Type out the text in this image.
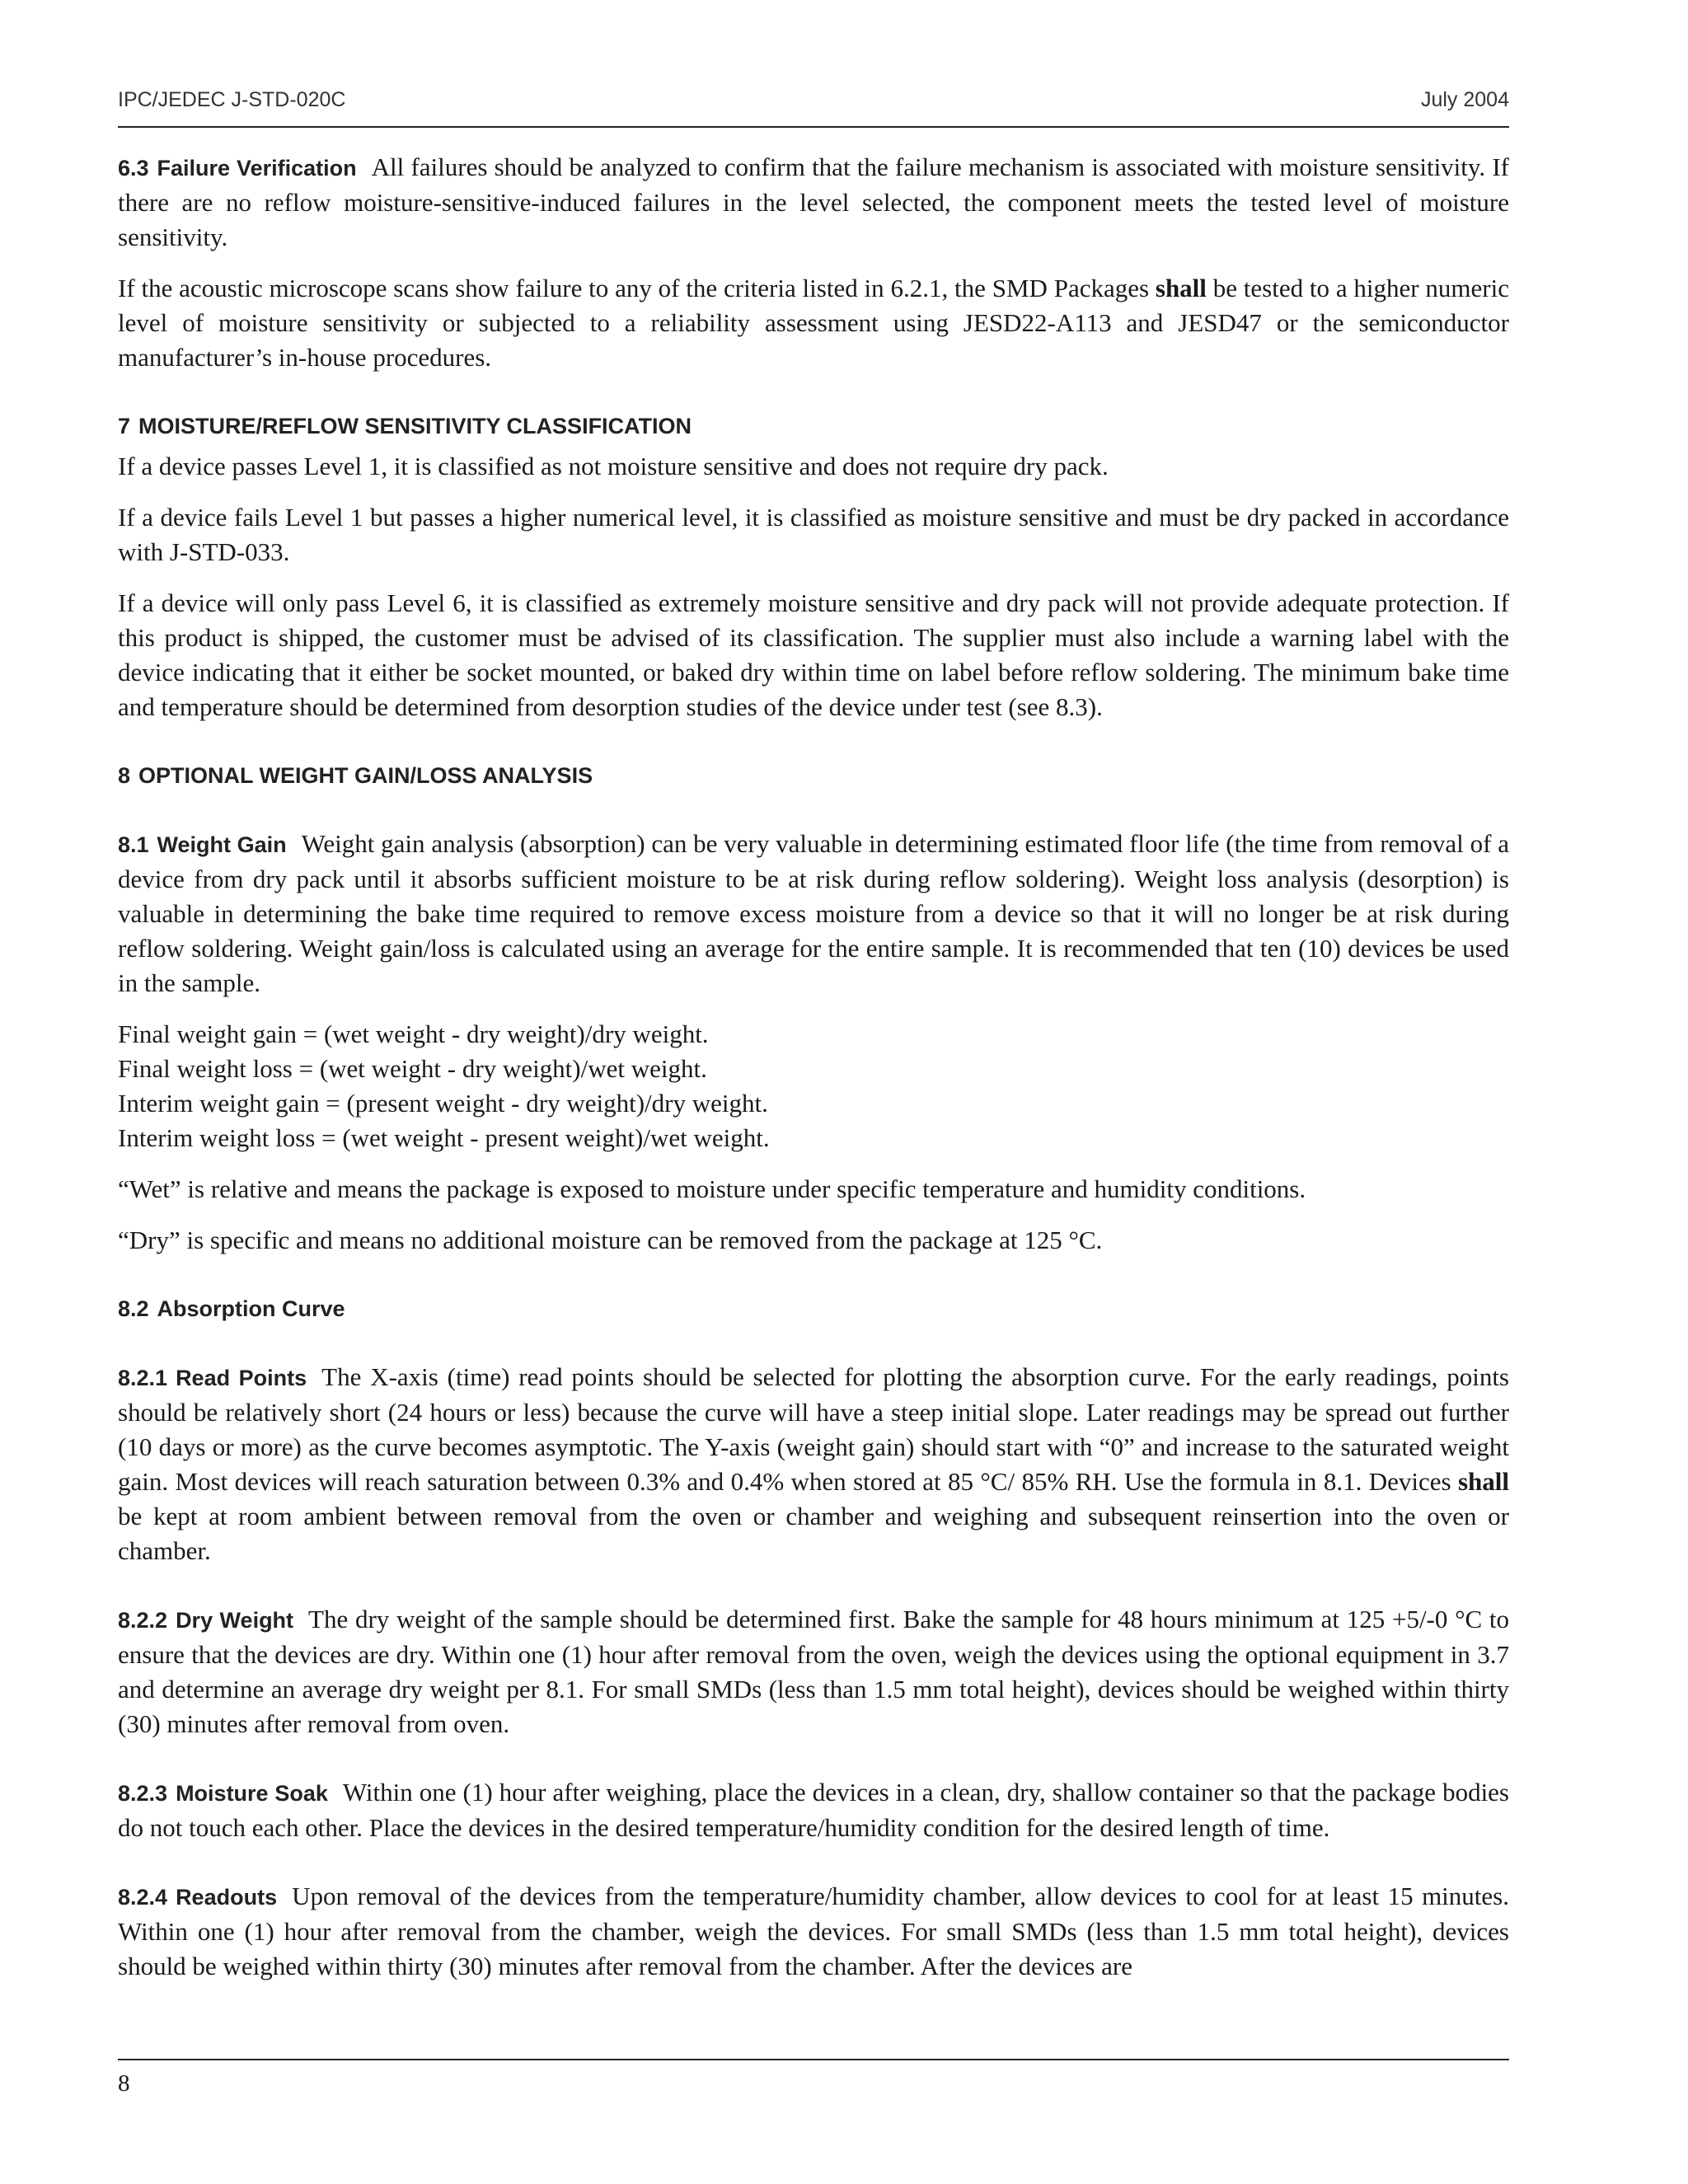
IPC/JEDEC J-STD-020C	July 2004

6.3 Failure Verification All failures should be analyzed to confirm that the failure mechanism is associated with moisture sensitivity. If there are no reflow moisture-sensitive-induced failures in the level selected, the component meets the tested level of moisture sensitivity.

If the acoustic microscope scans show failure to any of the criteria listed in 6.2.1, the SMD Packages shall be tested to a higher numeric level of moisture sensitivity or subjected to a reliability assessment using JESD22-A113 and JESD47 or the semiconductor manufacturer’s in-house procedures.

7 MOISTURE/REFLOW SENSITIVITY CLASSIFICATION

If a device passes Level 1, it is classified as not moisture sensitive and does not require dry pack.

If a device fails Level 1 but passes a higher numerical level, it is classified as moisture sensitive and must be dry packed in accordance with J-STD-033.

If a device will only pass Level 6, it is classified as extremely moisture sensitive and dry pack will not provide adequate protection. If this product is shipped, the customer must be advised of its classification. The supplier must also include a warning label with the device indicating that it either be socket mounted, or baked dry within time on label before reflow soldering. The minimum bake time and temperature should be determined from desorption studies of the device under test (see 8.3).

8 OPTIONAL WEIGHT GAIN/LOSS ANALYSIS

8.1 Weight Gain Weight gain analysis (absorption) can be very valuable in determining estimated floor life (the time from removal of a device from dry pack until it absorbs sufficient moisture to be at risk during reflow soldering). Weight loss analysis (desorption) is valuable in determining the bake time required to remove excess moisture from a device so that it will no longer be at risk during reflow soldering. Weight gain/loss is calculated using an average for the entire sample. It is recommended that ten (10) devices be used in the sample.

Final weight gain = (wet weight - dry weight)/dry weight.
Final weight loss = (wet weight - dry weight)/wet weight.
Interim weight gain = (present weight - dry weight)/dry weight.
Interim weight loss = (wet weight - present weight)/wet weight.

“Wet” is relative and means the package is exposed to moisture under specific temperature and humidity conditions.

“Dry” is specific and means no additional moisture can be removed from the package at 125 °C.

8.2 Absorption Curve

8.2.1 Read Points The X-axis (time) read points should be selected for plotting the absorption curve. For the early readings, points should be relatively short (24 hours or less) because the curve will have a steep initial slope. Later readings may be spread out further (10 days or more) as the curve becomes asymptotic. The Y-axis (weight gain) should start with “0” and increase to the saturated weight gain. Most devices will reach saturation between 0.3% and 0.4% when stored at 85 °C/ 85% RH. Use the formula in 8.1. Devices shall be kept at room ambient between removal from the oven or chamber and weighing and subsequent reinsertion into the oven or chamber.

8.2.2 Dry Weight The dry weight of the sample should be determined first. Bake the sample for 48 hours minimum at 125 +5/-0 °C to ensure that the devices are dry. Within one (1) hour after removal from the oven, weigh the devices using the optional equipment in 3.7 and determine an average dry weight per 8.1. For small SMDs (less than 1.5 mm total height), devices should be weighed within thirty (30) minutes after removal from oven.

8.2.3 Moisture Soak Within one (1) hour after weighing, place the devices in a clean, dry, shallow container so that the package bodies do not touch each other. Place the devices in the desired temperature/humidity condition for the desired length of time.

8.2.4 Readouts Upon removal of the devices from the temperature/humidity chamber, allow devices to cool for at least 15 minutes. Within one (1) hour after removal from the chamber, weigh the devices. For small SMDs (less than 1.5 mm total height), devices should be weighed within thirty (30) minutes after removal from the chamber. After the devices are

8
